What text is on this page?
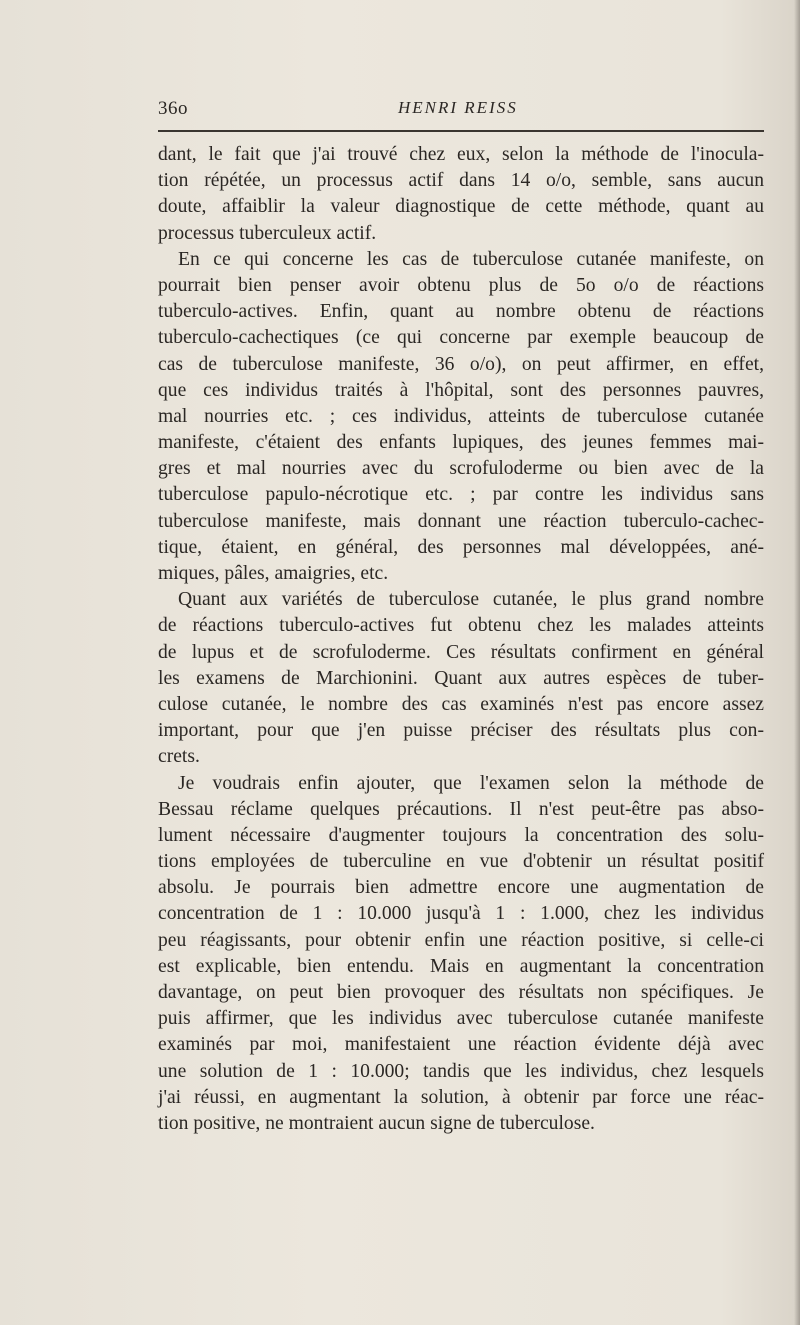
36o	HENRI REISS
dant, le fait que j'ai trouvé chez eux, selon la méthode de l'inocula-
tion répétée, un processus actif dans 14 o/o, semble, sans aucun
doute, affaiblir la valeur diagnostique de cette méthode, quant au
processus tuberculeux actif.
En ce qui concerne les cas de tuberculose cutanée manifeste, on
pourrait bien penser avoir obtenu plus de 5o o/o de réactions
tuberculo-actives. Enfin, quant au nombre obtenu de réactions
tuberculo-cachectiques (ce qui concerne par exemple beaucoup de
cas de tuberculose manifeste, 36 o/o), on peut affirmer, en effet,
que ces individus traités à l'hôpital, sont des personnes pauvres,
mal nourries etc. ; ces individus, atteints de tuberculose cutanée
manifeste, c'étaient des enfants lupiques, des jeunes femmes mai-
gres et mal nourries avec du scrofuloderme ou bien avec de la
tuberculose papulo-nécrotique etc. ; par contre les individus sans
tuberculose manifeste, mais donnant une réaction tuberculo-cachec-
tique, étaient, en général, des personnes mal développées, ané-
miques, pâles, amaigries, etc.
Quant aux variétés de tuberculose cutanée, le plus grand nombre
de réactions tuberculo-actives fut obtenu chez les malades atteints
de lupus et de scrofuloderme. Ces résultats confirment en général
les examens de Marchionini. Quant aux autres espèces de tuber-
culose cutanée, le nombre des cas examinés n'est pas encore assez
important, pour que j'en puisse préciser des résultats plus con-
crets.
Je voudrais enfin ajouter, que l'examen selon la méthode de
Bessau réclame quelques précautions. Il n'est peut-être pas abso-
lument nécessaire d'augmenter toujours la concentration des solu-
tions employées de tuberculine en vue d'obtenir un résultat positif
absolu. Je pourrais bien admettre encore une augmentation de
concentration de 1 : 10.000 jusqu'à 1 : 1.000, chez les individus
peu réagissants, pour obtenir enfin une réaction positive, si celle-ci
est explicable, bien entendu. Mais en augmentant la concentration
davantage, on peut bien provoquer des résultats non spécifiques. Je
puis affirmer, que les individus avec tuberculose cutanée manifeste
examinés par moi, manifestaient une réaction évidente déjà avec
une solution de 1 : 10.000; tandis que les individus, chez lesquels
j'ai réussi, en augmentant la solution, à obtenir par force une réac-
tion positive, ne montraient aucun signe de tuberculose.
